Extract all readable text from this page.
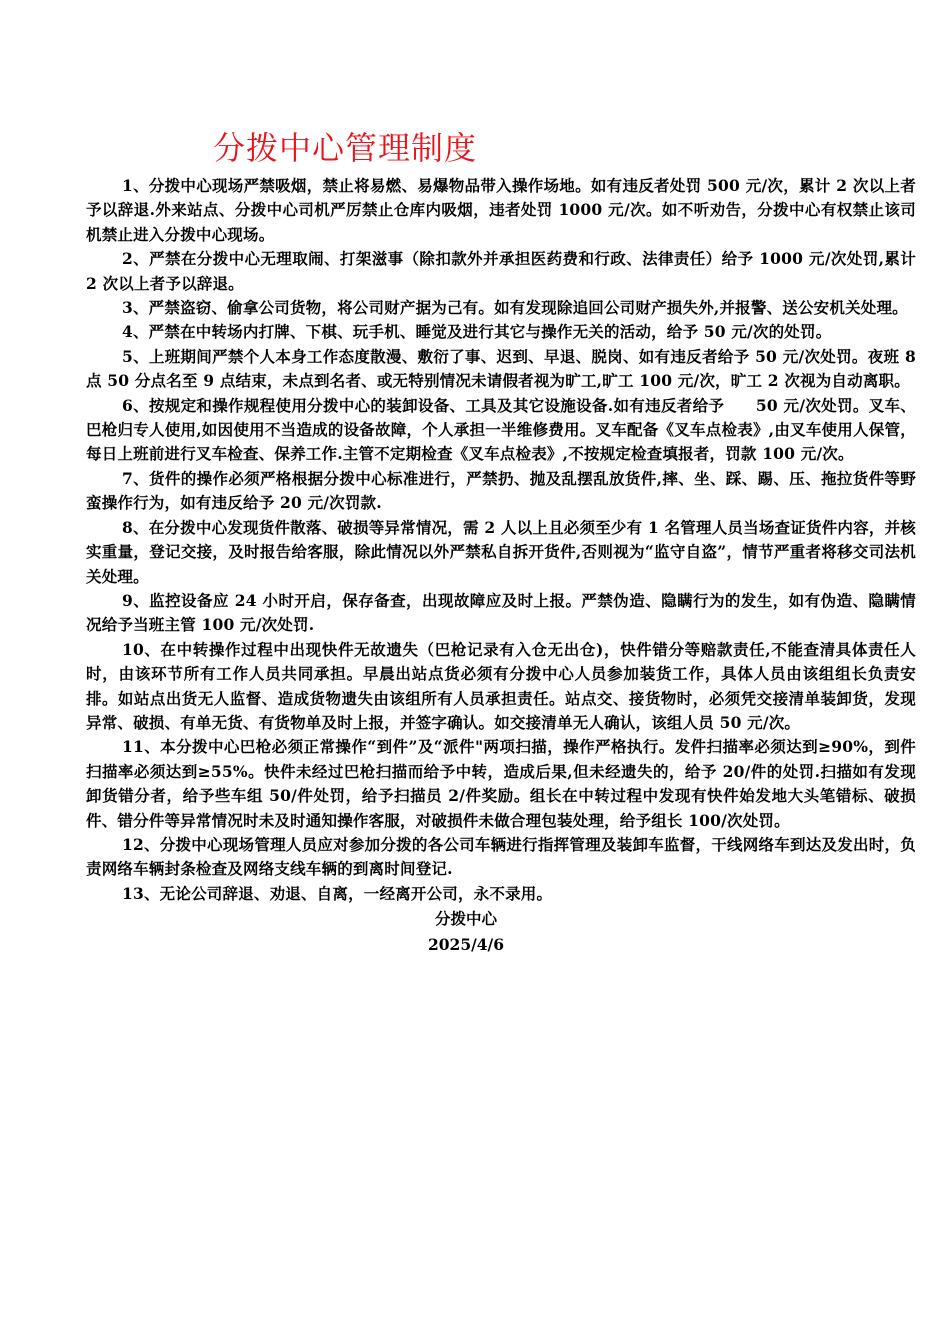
分拨中心管理制度
1、分拨中心现场严禁吸烟，禁止将易燃、易爆物品带入操作场地。如有违反者处罚 500 元/次，累计 2 次以上者予以辞退.外来站点、分拨中心司机严厉禁止仓库内吸烟，违者处罚 1000 元/次。如不听劝告，分拨中心有权禁止该司机禁止进入分拨中心现场。
2、严禁在分拨中心无理取闹、打架滋事（除扣款外并承担医药费和行政、法律责任）给予 1000 元/次处罚,累计 2 次以上者予以辞退。
3、严禁盗窃、偷拿公司货物，将公司财产据为己有。如有发现除追回公司财产损失外,并报警、送公安机关处理。
4、严禁在中转场内打牌、下棋、玩手机、睡觉及进行其它与操作无关的活动，给予 50 元/次的处罚。
5、上班期间严禁个人本身工作态度散漫、敷衍了事、迟到、早退、脱岗、如有违反者给予 50 元/次处罚。夜班 8 点 50 分点名至 9 点结束，未点到名者、或无特别情况未请假者视为旷工,旷工 100 元/次，旷工 2 次视为自动离职。
6、按规定和操作规程使用分拨中心的装卸设备、工具及其它设施设备.如有违反者给予　　50 元/次处罚。叉车、巴枪归专人使用,如因使用不当造成的设备故障，个人承担一半维修费用。叉车配备《叉车点检表》,由叉车使用人保管，每日上班前进行叉车检查、保养工作.主管不定期检查《叉车点检表》,不按规定检查填报者，罚款 100 元/次。
7、货件的操作必须严格根据分拨中心标准进行，严禁扔、抛及乱摆乱放货件,摔、坐、踩、踢、压、拖拉货件等野蛮操作行为，如有违反给予 20 元/次罚款.
8、在分拨中心发现货件散落、破损等异常情况，需 2 人以上且必须至少有 1 名管理人员当场查证货件内容，并核实重量，登记交接，及时报告给客服，除此情况以外严禁私自拆开货件,否则视为“监守自盗”，情节严重者将移交司法机关处理。
9、监控设备应 24 小时开启，保存备查，出现故障应及时上报。严禁伪造、隐瞒行为的发生，如有伪造、隐瞒情况给予当班主管 100 元/次处罚.
10、在中转操作过程中出现快件无故遗失（巴枪记录有入仓无出仓)，快件错分等赔款责任,不能查清具体责任人时，由该环节所有工作人员共同承担。早晨出站点货必须有分拨中心人员参加装货工作，具体人员由该组组长负责安排。如站点出货无人监督、造成货物遗失由该组所有人员承担责任。站点交、接货物时，必须凭交接清单装卸货，发现异常、破损、有单无货、有货物单及时上报，并签字确认。如交接清单无人确认，该组人员 50 元/次。
11、本分拨中心巴枪必须正常操作“到件”及“派件"两项扫描，操作严格执行。发件扫描率必须达到≥90%，到件扫描率必须达到≥55%。快件未经过巴枪扫描而给予中转，造成后果,但未经遗失的，给予 20/件的处罚.扫描如有发现卸货错分者，给予些车组 50/件处罚，给予扫描员 2/件奖励。组长在中转过程中发现有快件始发地大头笔错标、破损件、错分件等异常情况时未及时通知操作客服，对破损件未做合理包装处理，给予组长 100/次处罚。
12、分拨中心现场管理人员应对参加分拨的各公司车辆进行指挥管理及装卸车监督，干线网络车到达及发出时，负责网络车辆封条检查及网络支线车辆的到离时间登记.
13、无论公司辞退、劝退、自离，一经离开公司，永不录用。
分拨中心
2025/4/6
